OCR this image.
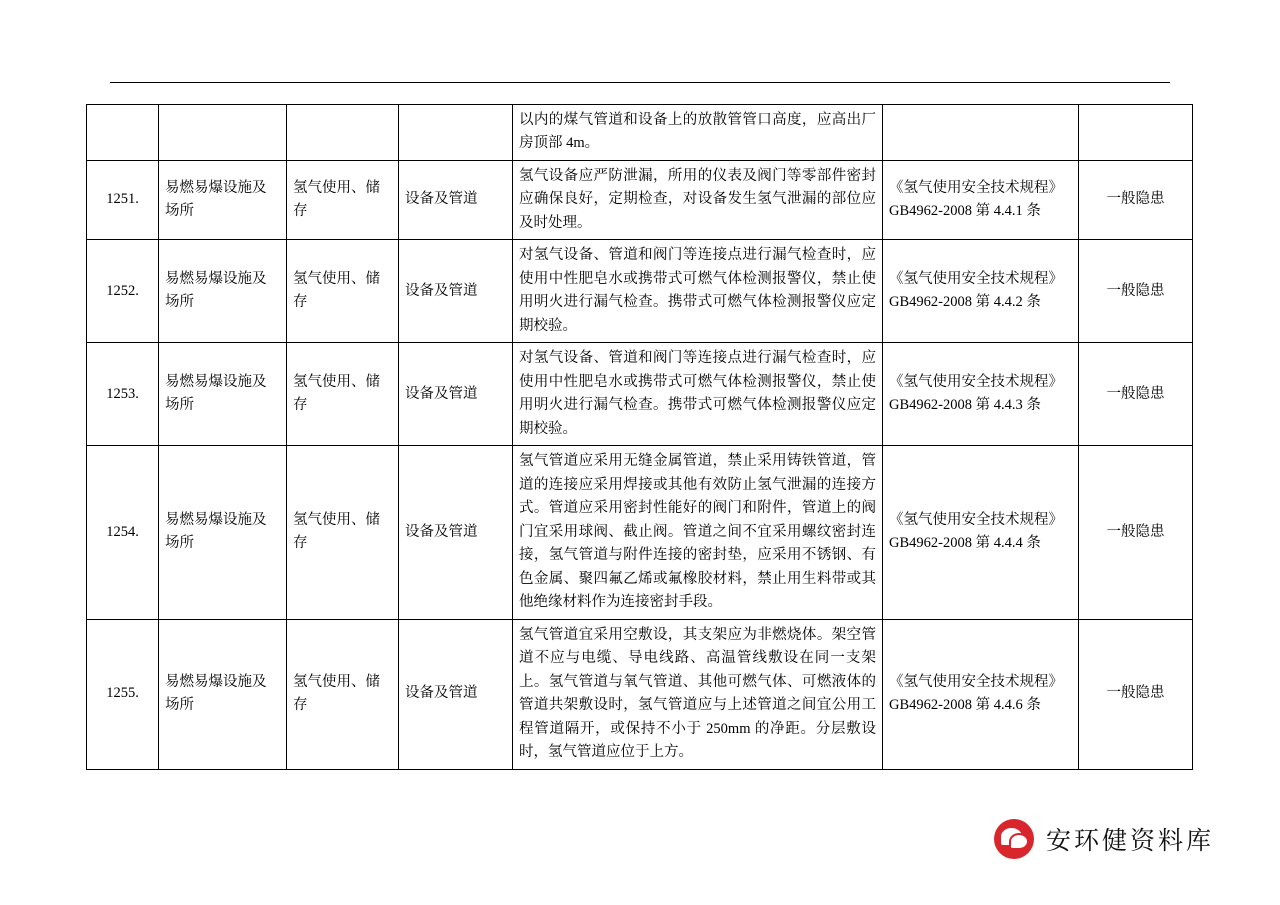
				以内的煤气管道和设备上的放散管管口高度，应高出厂房顶部 4m。		
1251.	易燃易爆设施及场所	氢气使用、储存	设备及管道	氢气设备应严防泄漏，所用的仪表及阀门等零部件密封应确保良好，定期检查，对设备发生氢气泄漏的部位应及时处理。	《氢气使用安全技术规程》GB4962-2008 第 4.4.1 条	一般隐患
1252.	易燃易爆设施及场所	氢气使用、储存	设备及管道	对氢气设备、管道和阀门等连接点进行漏气检查时，应使用中性肥皂水或携带式可燃气体检测报警仪，禁止使用明火进行漏气检查。携带式可燃气体检测报警仪应定期校验。	《氢气使用安全技术规程》GB4962-2008 第 4.4.2 条	一般隐患
1253.	易燃易爆设施及场所	氢气使用、储存	设备及管道	对氢气设备、管道和阀门等连接点进行漏气检查时，应使用中性肥皂水或携带式可燃气体检测报警仪，禁止使用明火进行漏气检查。携带式可燃气体检测报警仪应定期校验。	《氢气使用安全技术规程》GB4962-2008 第 4.4.3 条	一般隐患
1254.	易燃易爆设施及场所	氢气使用、储存	设备及管道	氢气管道应采用无缝金属管道，禁止采用铸铁管道，管道的连接应采用焊接或其他有效防止氢气泄漏的连接方式。管道应采用密封性能好的阀门和附件，管道上的阀门宜采用球阀、截止阀。管道之间不宜采用螺纹密封连接，氢气管道与附件连接的密封垫，应采用不锈钢、有色金属、聚四氟乙烯或氟橡胶材料，禁止用生料带或其他绝缘材料作为连接密封手段。	《氢气使用安全技术规程》GB4962-2008 第 4.4.4 条	一般隐患
1255.	易燃易爆设施及场所	氢气使用、储存	设备及管道	氢气管道宜采用空敷设，其支架应为非燃烧体。架空管道不应与电缆、导电线路、高温管线敷设在同一支架上。氢气管道与氧气管道、其他可燃气体、可燃液体的管道共架敷设时，氢气管道应与上述管道之间宜公用工程管道隔开，或保持不小于 250mm 的净距。分层敷设时，氢气管道应位于上方。	《氢气使用安全技术规程》GB4962-2008 第 4.4.6 条	一般隐患
安环健资料库
